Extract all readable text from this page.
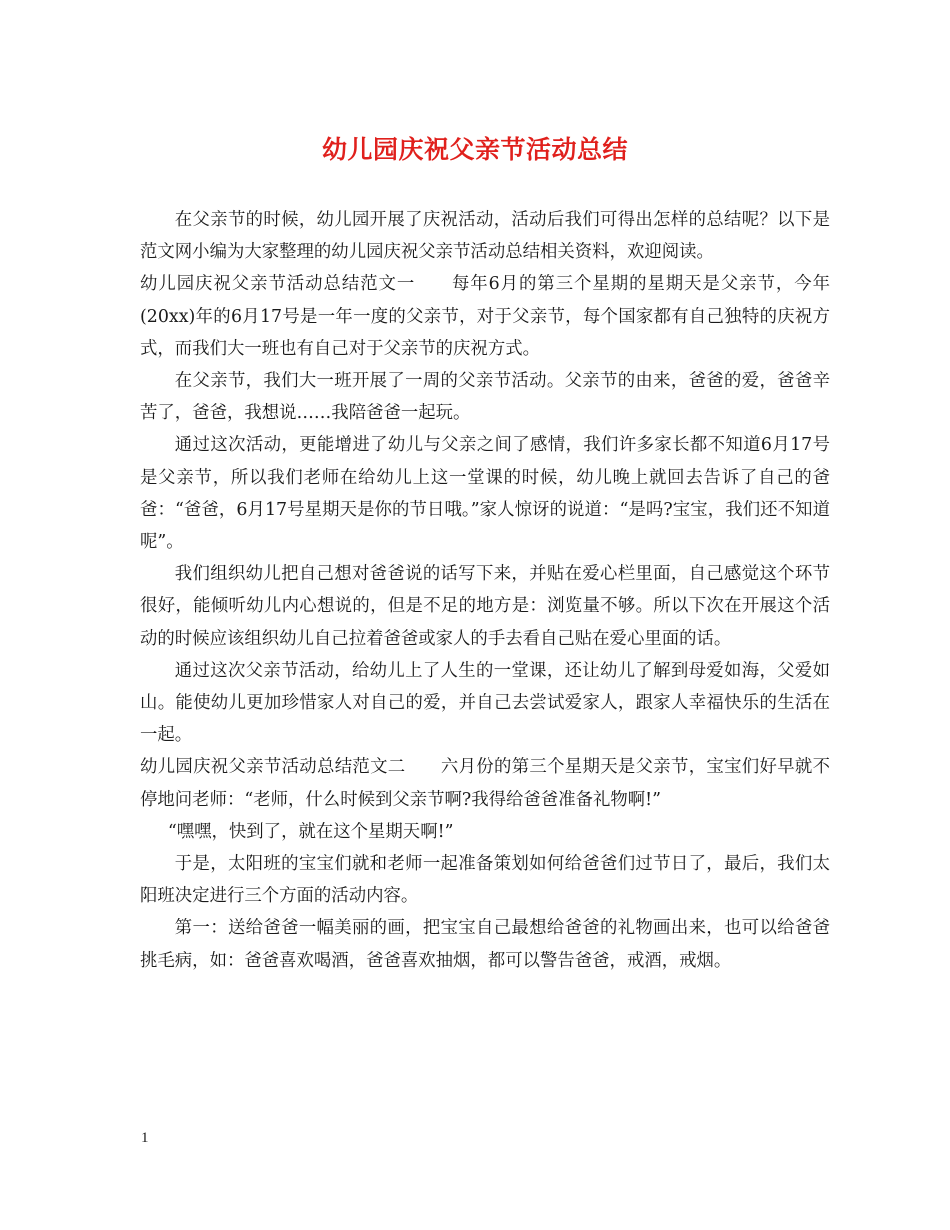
幼儿园庆祝父亲节活动总结

在父亲节的时候，幼儿园开展了庆祝活动，活动后我们可得出怎样的总结呢？以下是范文网小编为大家整理的幼儿园庆祝父亲节活动总结相关资料，欢迎阅读。

幼儿园庆祝父亲节活动总结范文一　　每年6月的第三个星期的星期天是父亲节，今年(20xx)年的6月17号是一年一度的父亲节，对于父亲节，每个国家都有自己独特的庆祝方式，而我们大一班也有自己对于父亲节的庆祝方式。

在父亲节，我们大一班开展了一周的父亲节活动。父亲节的由来，爸爸的爱，爸爸辛苦了，爸爸，我想说……我陪爸爸一起玩。

通过这次活动，更能增进了幼儿与父亲之间了感情，我们许多家长都不知道6月17号是父亲节，所以我们老师在给幼儿上这一堂课的时候，幼儿晚上就回去告诉了自己的爸爸：“爸爸，6月17号星期天是你的节日哦。”家人惊讶的说道：“是吗?宝宝，我们还不知道呢”。

我们组织幼儿把自己想对爸爸说的话写下来，并贴在爱心栏里面，自己感觉这个环节很好，能倾听幼儿内心想说的，但是不足的地方是：浏览量不够。所以下次在开展这个活动的时候应该组织幼儿自己拉着爸爸或家人的手去看自己贴在爱心里面的话。

通过这次父亲节活动，给幼儿上了人生的一堂课，还让幼儿了解到母爱如海，父爱如山。能使幼儿更加珍惜家人对自己的爱，并自己去尝试爱家人，跟家人幸福快乐的生活在一起。

幼儿园庆祝父亲节活动总结范文二　　六月份的第三个星期天是父亲节，宝宝们好早就不停地问老师：“老师，什么时候到父亲节啊?我得给爸爸准备礼物啊!”

“嘿嘿，快到了，就在这个星期天啊!”

于是，太阳班的宝宝们就和老师一起准备策划如何给爸爸们过节日了，最后，我们太阳班决定进行三个方面的活动内容。

第一：送给爸爸一幅美丽的画，把宝宝自己最想给爸爸的礼物画出来，也可以给爸爸挑毛病，如：爸爸喜欢喝酒，爸爸喜欢抽烟，都可以警告爸爸，戒酒，戒烟。

1
